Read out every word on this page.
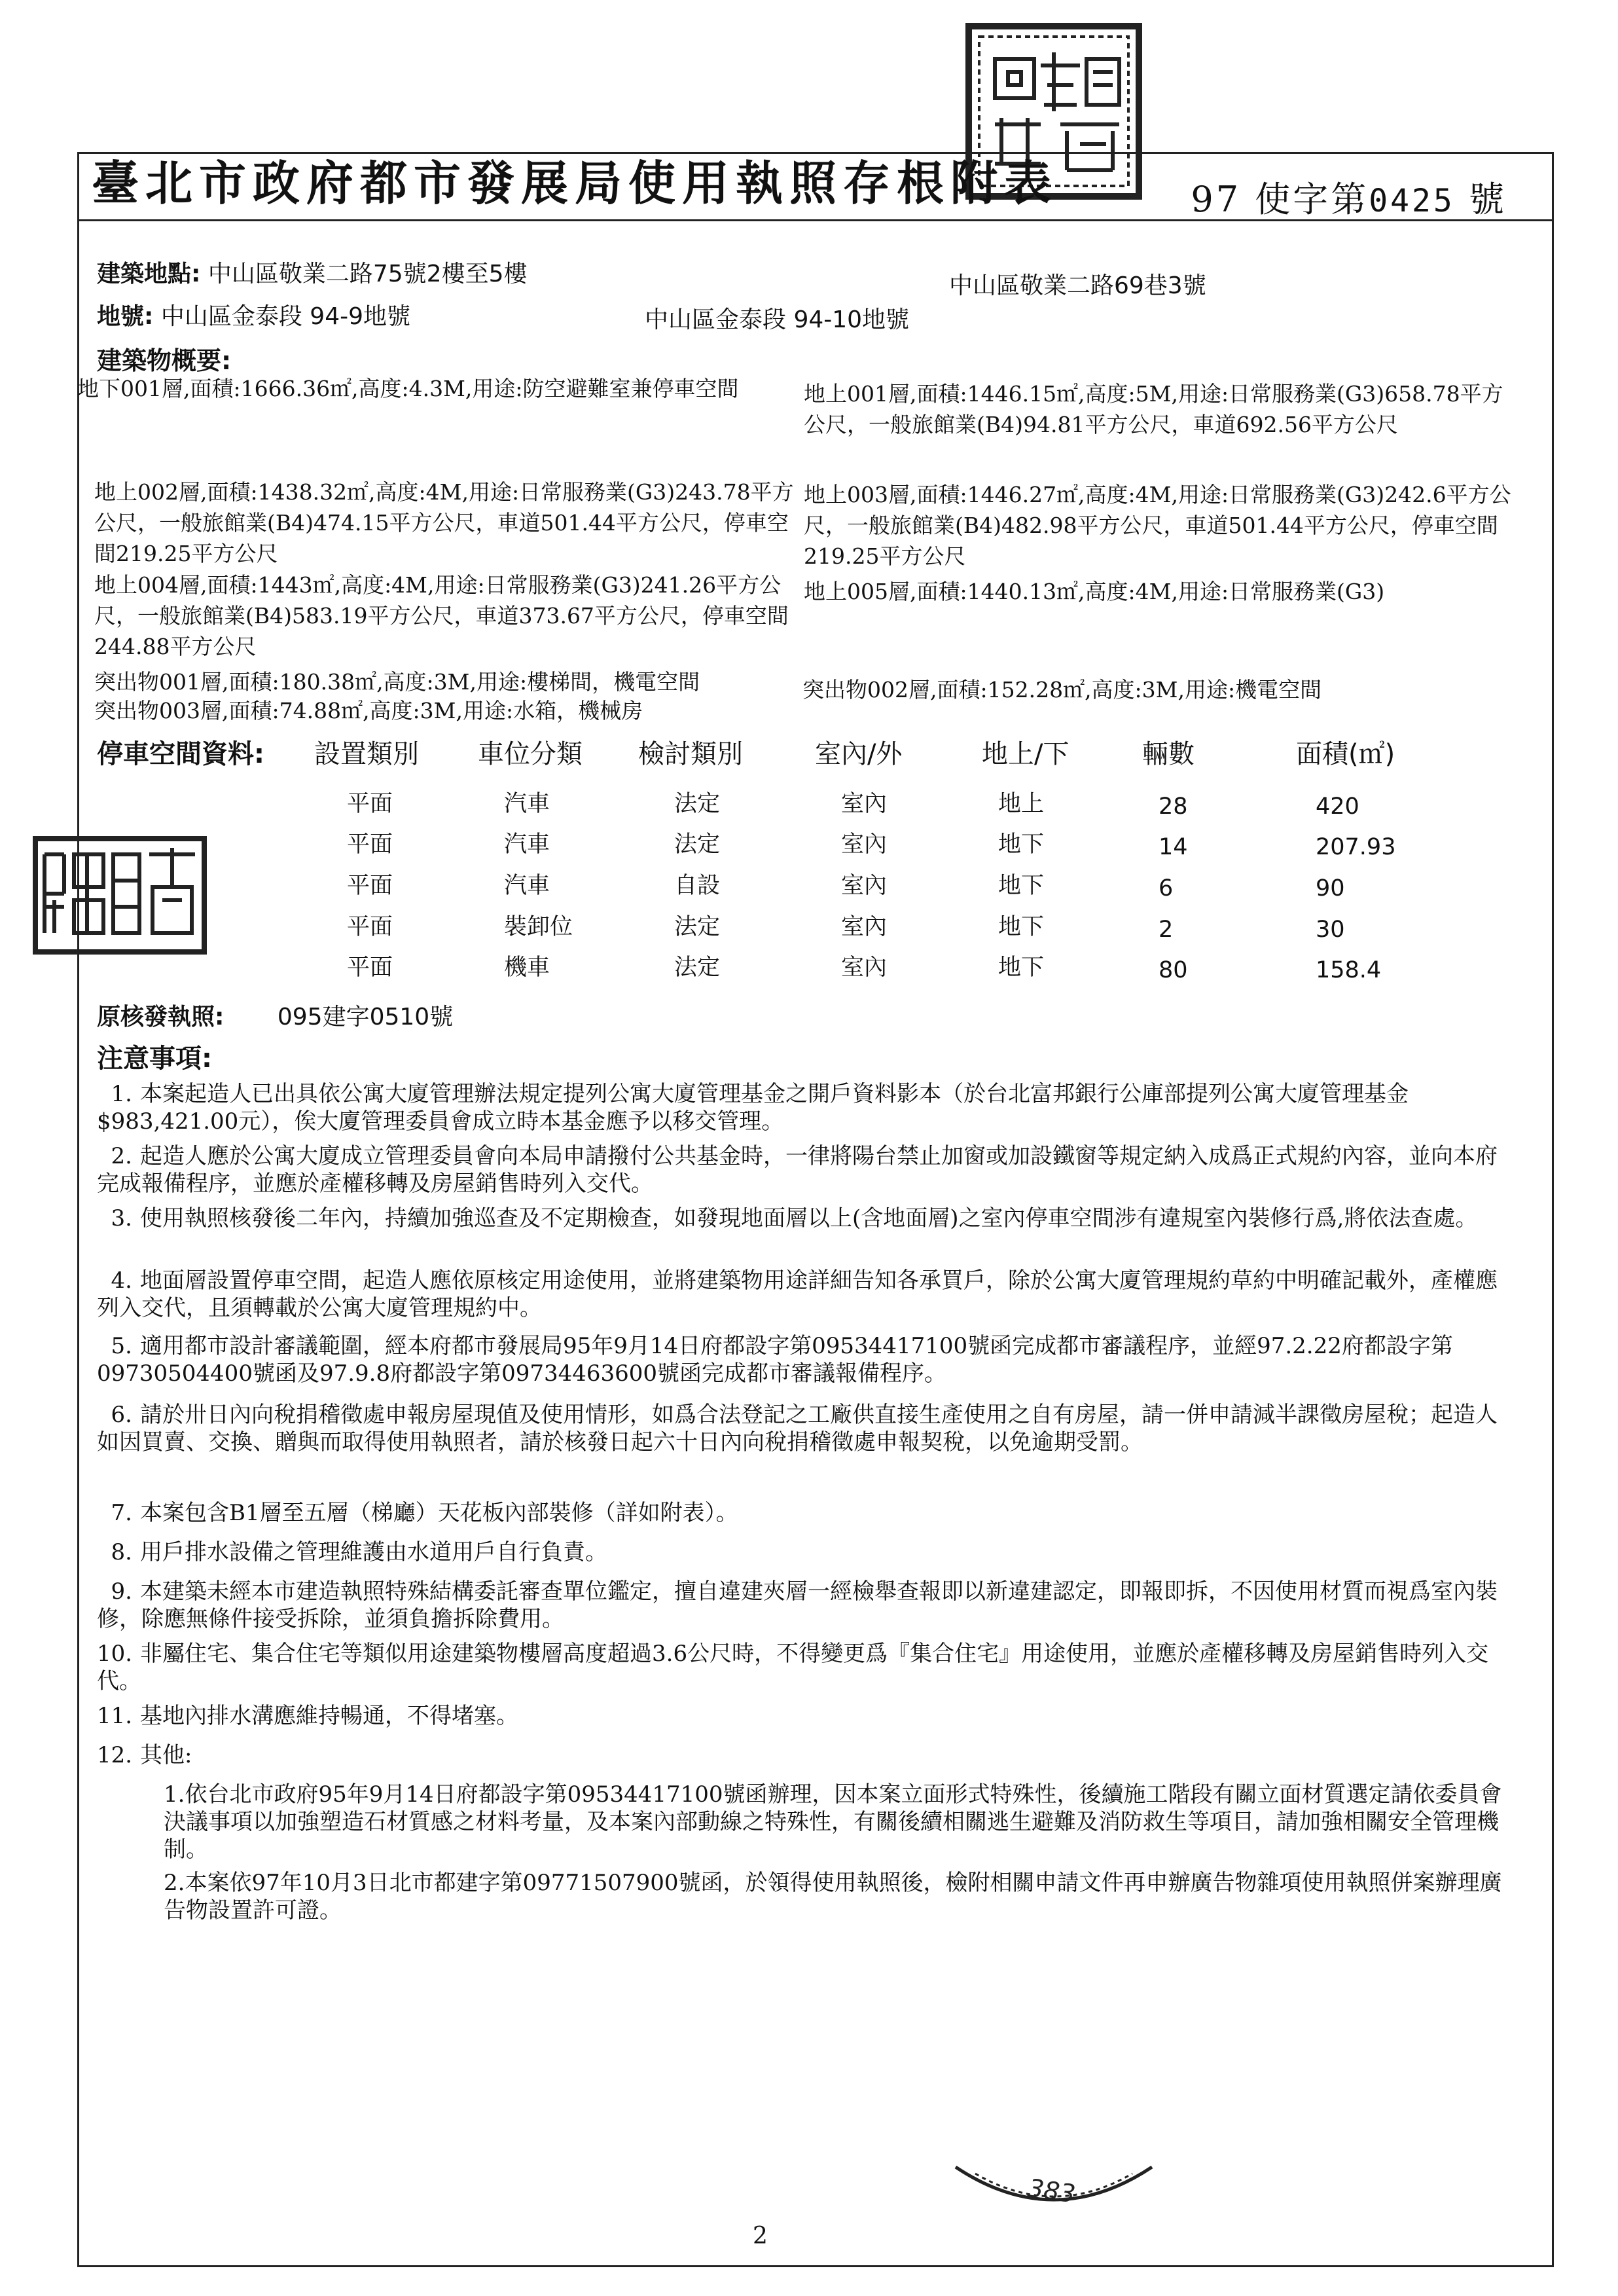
臺北市政府都市發展局使用執照存根附表	97 使字第0425 號
建築地點: 中山區敬業二路75號2樓至5樓	中山區敬業二路69巷3號
地號: 中山區金泰段 94-9地號	中山區金泰段 94-10地號
建築物概要:
地下001層,面積:1666.36㎡,高度:4.3M,用途:防空避難室兼停車空間	地上001層,面積:1446.15㎡,高度:5M,用途:日常服務業(G3)658.78平方公尺，一般旅館業(B4)94.81平方公尺，車道692.56平方公尺
地上002層,面積:1438.32㎡,高度:4M,用途:日常服務業(G3)243.78平方公尺，一般旅館業(B4)474.15平方公尺，車道501.44平方公尺，停車空間219.25平方公尺
地上003層,面積:1446.27㎡,高度:4M,用途:日常服務業(G3)242.6平方公尺，一般旅館業(B4)482.98平方公尺，車道501.44平方公尺，停車空間219.25平方公尺
地上004層,面積:1443㎡,高度:4M,用途:日常服務業(G3)241.26平方公尺，一般旅館業(B4)583.19平方公尺，車道373.67平方公尺，停車空間244.88平方公尺
地上005層,面積:1440.13㎡,高度:4M,用途:日常服務業(G3)
突出物001層,面積:180.38㎡,高度:3M,用途:樓梯間，機電空間	突出物002層,面積:152.28㎡,高度:3M,用途:機電空間
突出物003層,面積:74.88㎡,高度:3M,用途:水箱，機械房
停車空間資料: 設置類別 車位分類 檢討類別	室內/外	地上/下	輛數	面積(㎡)
平面	汽車	法定	室內	地上	28	420
平面	汽車	法定	室內	地下	14	207.93
平面	汽車	自設	室內	地下	6	90
平面	裝卸位	法定	室內	地下	2	30
平面	機車	法定	室內	地下	80	158.4
原核發執照: 095建字0510號
注意事項:
1. 本案起造人已出具依公寓大廈管理辦法規定提列公寓大廈管理基金之開戶資料影本（於台北富邦銀行公庫部提列公寓大廈管理基金$983,421.00元），俟大廈管理委員會成立時本基金應予以移交管理。
2. 起造人應於公寓大廈成立管理委員會向本局申請撥付公共基金時，一律將陽台禁止加窗或加設鐵窗等規定納入成爲正式規約內容，並向本府完成報備程序，並應於產權移轉及房屋銷售時列入交代。
3. 使用執照核發後二年內，持續加強巡查及不定期檢查，如發現地面層以上(含地面層)之室內停車空間涉有違規室內裝修行爲,將依法查處。
4. 地面層設置停車空間，起造人應依原核定用途使用，並將建築物用途詳細告知各承買戶，除於公寓大廈管理規約草約中明確記載外，產權應列入交代，且須轉載於公寓大廈管理規約中。
5. 適用都市設計審議範圍，經本府都市發展局95年9月14日府都設字第09534417100號函完成都市審議程序，並經97.2.22府都設字第09730504400號函及97.9.8府都設字第09734463600號函完成都市審議報備程序。
6. 請於卅日內向稅捐稽徵處申報房屋現值及使用情形，如爲合法登記之工廠供直接生產使用之自有房屋，請一併申請減半課徵房屋稅；起造人如因買賣、交換、贈與而取得使用執照者，請於核發日起六十日內向稅捐稽徵處申報契稅，以免逾期受罰。
7. 本案包含B1層至五層（梯廳）天花板內部裝修（詳如附表）。
8. 用戶排水設備之管理維護由水道用戶自行負責。
9. 本建築未經本市建造執照特殊結構委託審查單位鑑定，擅自違建夾層一經檢舉查報即以新違建認定，即報即拆，不因使用材質而視爲室內裝修，除應無條件接受拆除，並須負擔拆除費用。
10. 非屬住宅、集合住宅等類似用途建築物樓層高度超過3.6公尺時，不得變更爲『集合住宅』用途使用，並應於產權移轉及房屋銷售時列入交代。
11. 基地內排水溝應維持暢通，不得堵塞。
12. 其他:
1.依台北市政府95年9月14日府都設字第09534417100號函辦理，因本案立面形式特殊性，後續施工階段有關立面材質選定請依委員會決議事項以加強塑造石材質感之材料考量，及本案內部動線之特殊性，有關後續相關逃生避難及消防救生等項目，請加強相關安全管理機制。
2.本案依97年10月3日北市都建字第09771507900號函，於領得使用執照後，檢附相關申請文件再申辦廣告物雜項使用執照併案辦理廣告物設置許可證。
383
2
